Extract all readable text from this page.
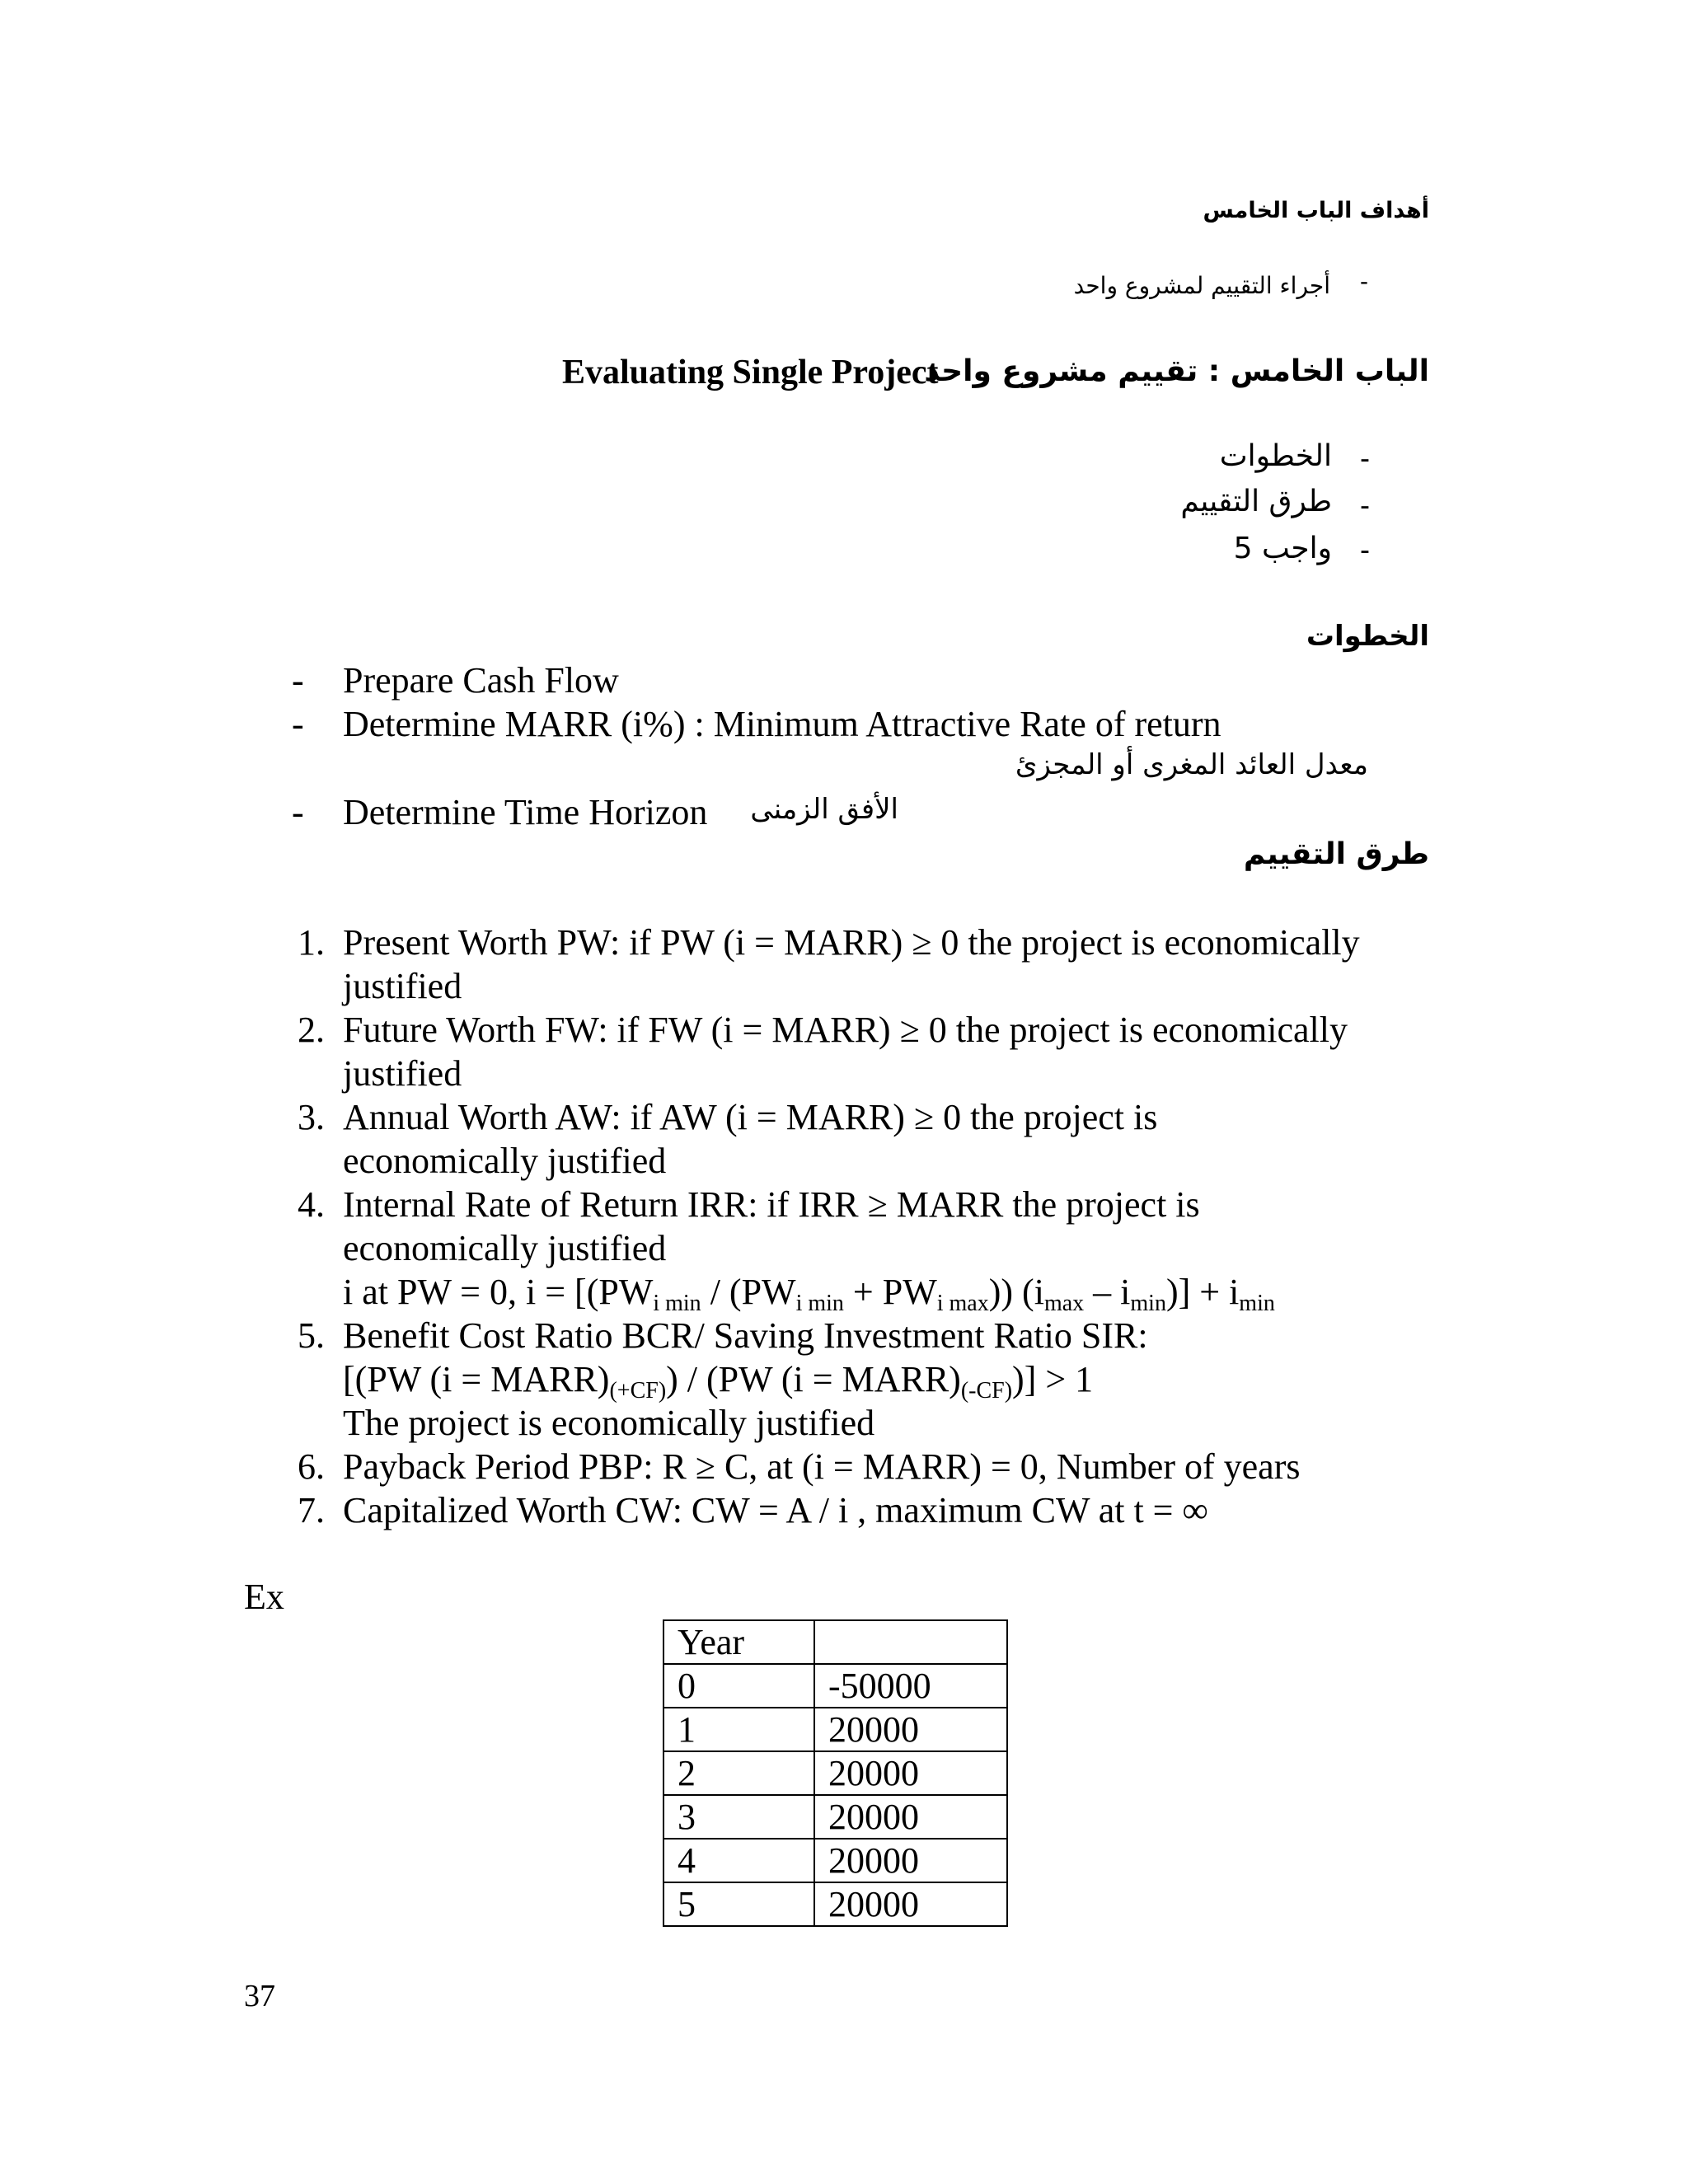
أهداف الباب الخامس
-
أجراء التقييم لمشروع واحد
الباب الخامس : تقييم مشروع واحد
Evaluating Single Project
-
الخطوات
-
طرق التقييم
-
واجب 5
الخطوات
- Prepare Cash Flow
- Determine MARR (i%) : Minimum Attractive Rate of return
معدل العائد المغرى أو المجزئ
- Determine Time Horizon الأفق الزمنى
طرق التقييم
1. Present Worth PW: if PW (i = MARR) ≥ 0 the project is economically
justified
2. Future Worth FW: if FW (i = MARR) ≥ 0 the project is economically
justified
3. Annual Worth AW: if AW (i = MARR) ≥ 0 the project is
economically justified
4. Internal Rate of Return IRR: if IRR ≥ MARR the project is
economically justified
i at PW = 0, $i = [(PW_{i min} / (PW_{i min} + PW_{i max}))$ $(i_{max} - i_{min})] + i_{min}$
5. Benefit Cost Ratio BCR/ Saving Investment Ratio SIR:
[(PW $(i = MARR)_{(+CF)}) / (PW$ $(i = MARR)_{(-CF)})] > 1$
The project is economically justified
6. Payback Period PBP: R ≥ C, at (i = MARR) = 0, Number of years
7. Capitalized Worth CW: CW = A / i , maximum CW at t = ∞
Ex
Year	
0	-50000
1	20000
2	20000
3	20000
4	20000
5	20000
37
